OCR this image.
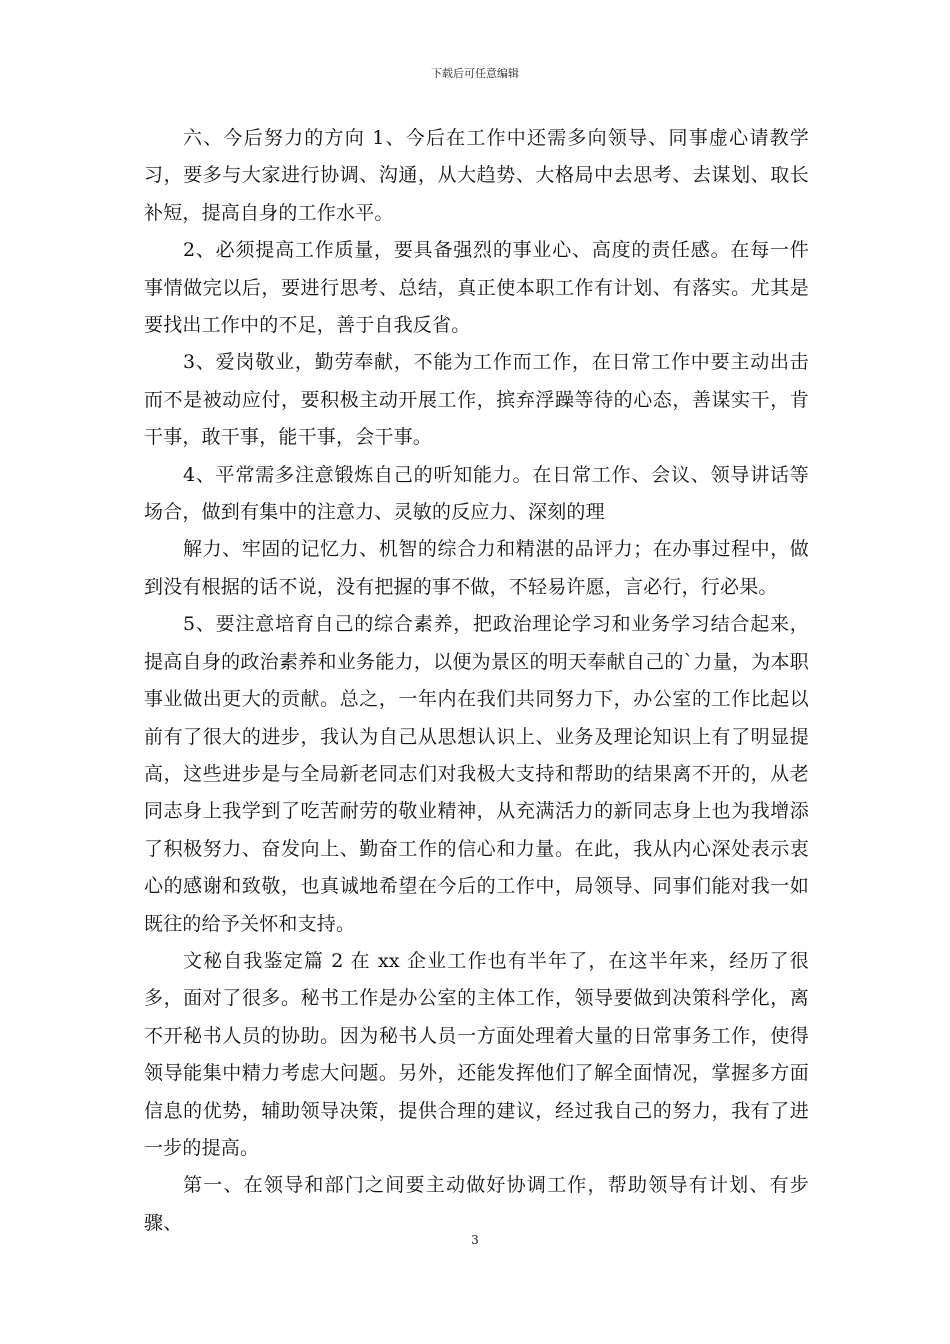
下载后可任意编辑

六、今后努力的方向 1、今后在工作中还需多向领导、同事虚心请教学习，要多与大家进行协调、沟通，从大趋势、大格局中去思考、去谋划、取长补短，提高自身的工作水平。

2、必须提高工作质量，要具备强烈的事业心、高度的责任感。在每一件事情做完以后，要进行思考、总结，真正使本职工作有计划、有落实。尤其是要找出工作中的不足，善于自我反省。

3、爱岗敬业，勤劳奉献，不能为工作而工作，在日常工作中要主动出击而不是被动应付，要积极主动开展工作，摈弃浮躁等待的心态，善谋实干，肯干事，敢干事，能干事，会干事。

4、平常需多注意锻炼自己的听知能力。在日常工作、会议、领导讲话等场合，做到有集中的注意力、灵敏的反应力、深刻的理

解力、牢固的记忆力、机智的综合力和精湛的品评力；在办事过程中，做到没有根据的话不说，没有把握的事不做，不轻易许愿，言必行，行必果。

5、要注意培育自己的综合素养，把政治理论学习和业务学习结合起来，提高自身的政治素养和业务能力，以便为景区的明天奉献自己的`力量，为本职事业做出更大的贡献。总之，一年内在我们共同努力下，办公室的工作比起以前有了很大的进步，我认为自己从思想认识上、业务及理论知识上有了明显提高，这些进步是与全局新老同志们对我极大支持和帮助的结果离不开的，从老同志身上我学到了吃苦耐劳的敬业精神，从充满活力的新同志身上也为我增添了积极努力、奋发向上、勤奋工作的信心和力量。在此，我从内心深处表示衷心的感谢和致敬，也真诚地希望在今后的工作中，局领导、同事们能对我一如既往的给予关怀和支持。

文秘自我鉴定篇 2 在 xx 企业工作也有半年了，在这半年来，经历了很多，面对了很多。秘书工作是办公室的主体工作，领导要做到决策科学化，离不开秘书人员的协助。因为秘书人员一方面处理着大量的日常事务工作，使得领导能集中精力考虑大问题。另外，还能发挥他们了解全面情况，掌握多方面信息的优势，辅助领导决策，提供合理的建议，经过我自己的努力，我有了进一步的提高。

第一、在领导和部门之间要主动做好协调工作，帮助领导有计划、有步骤、

3
